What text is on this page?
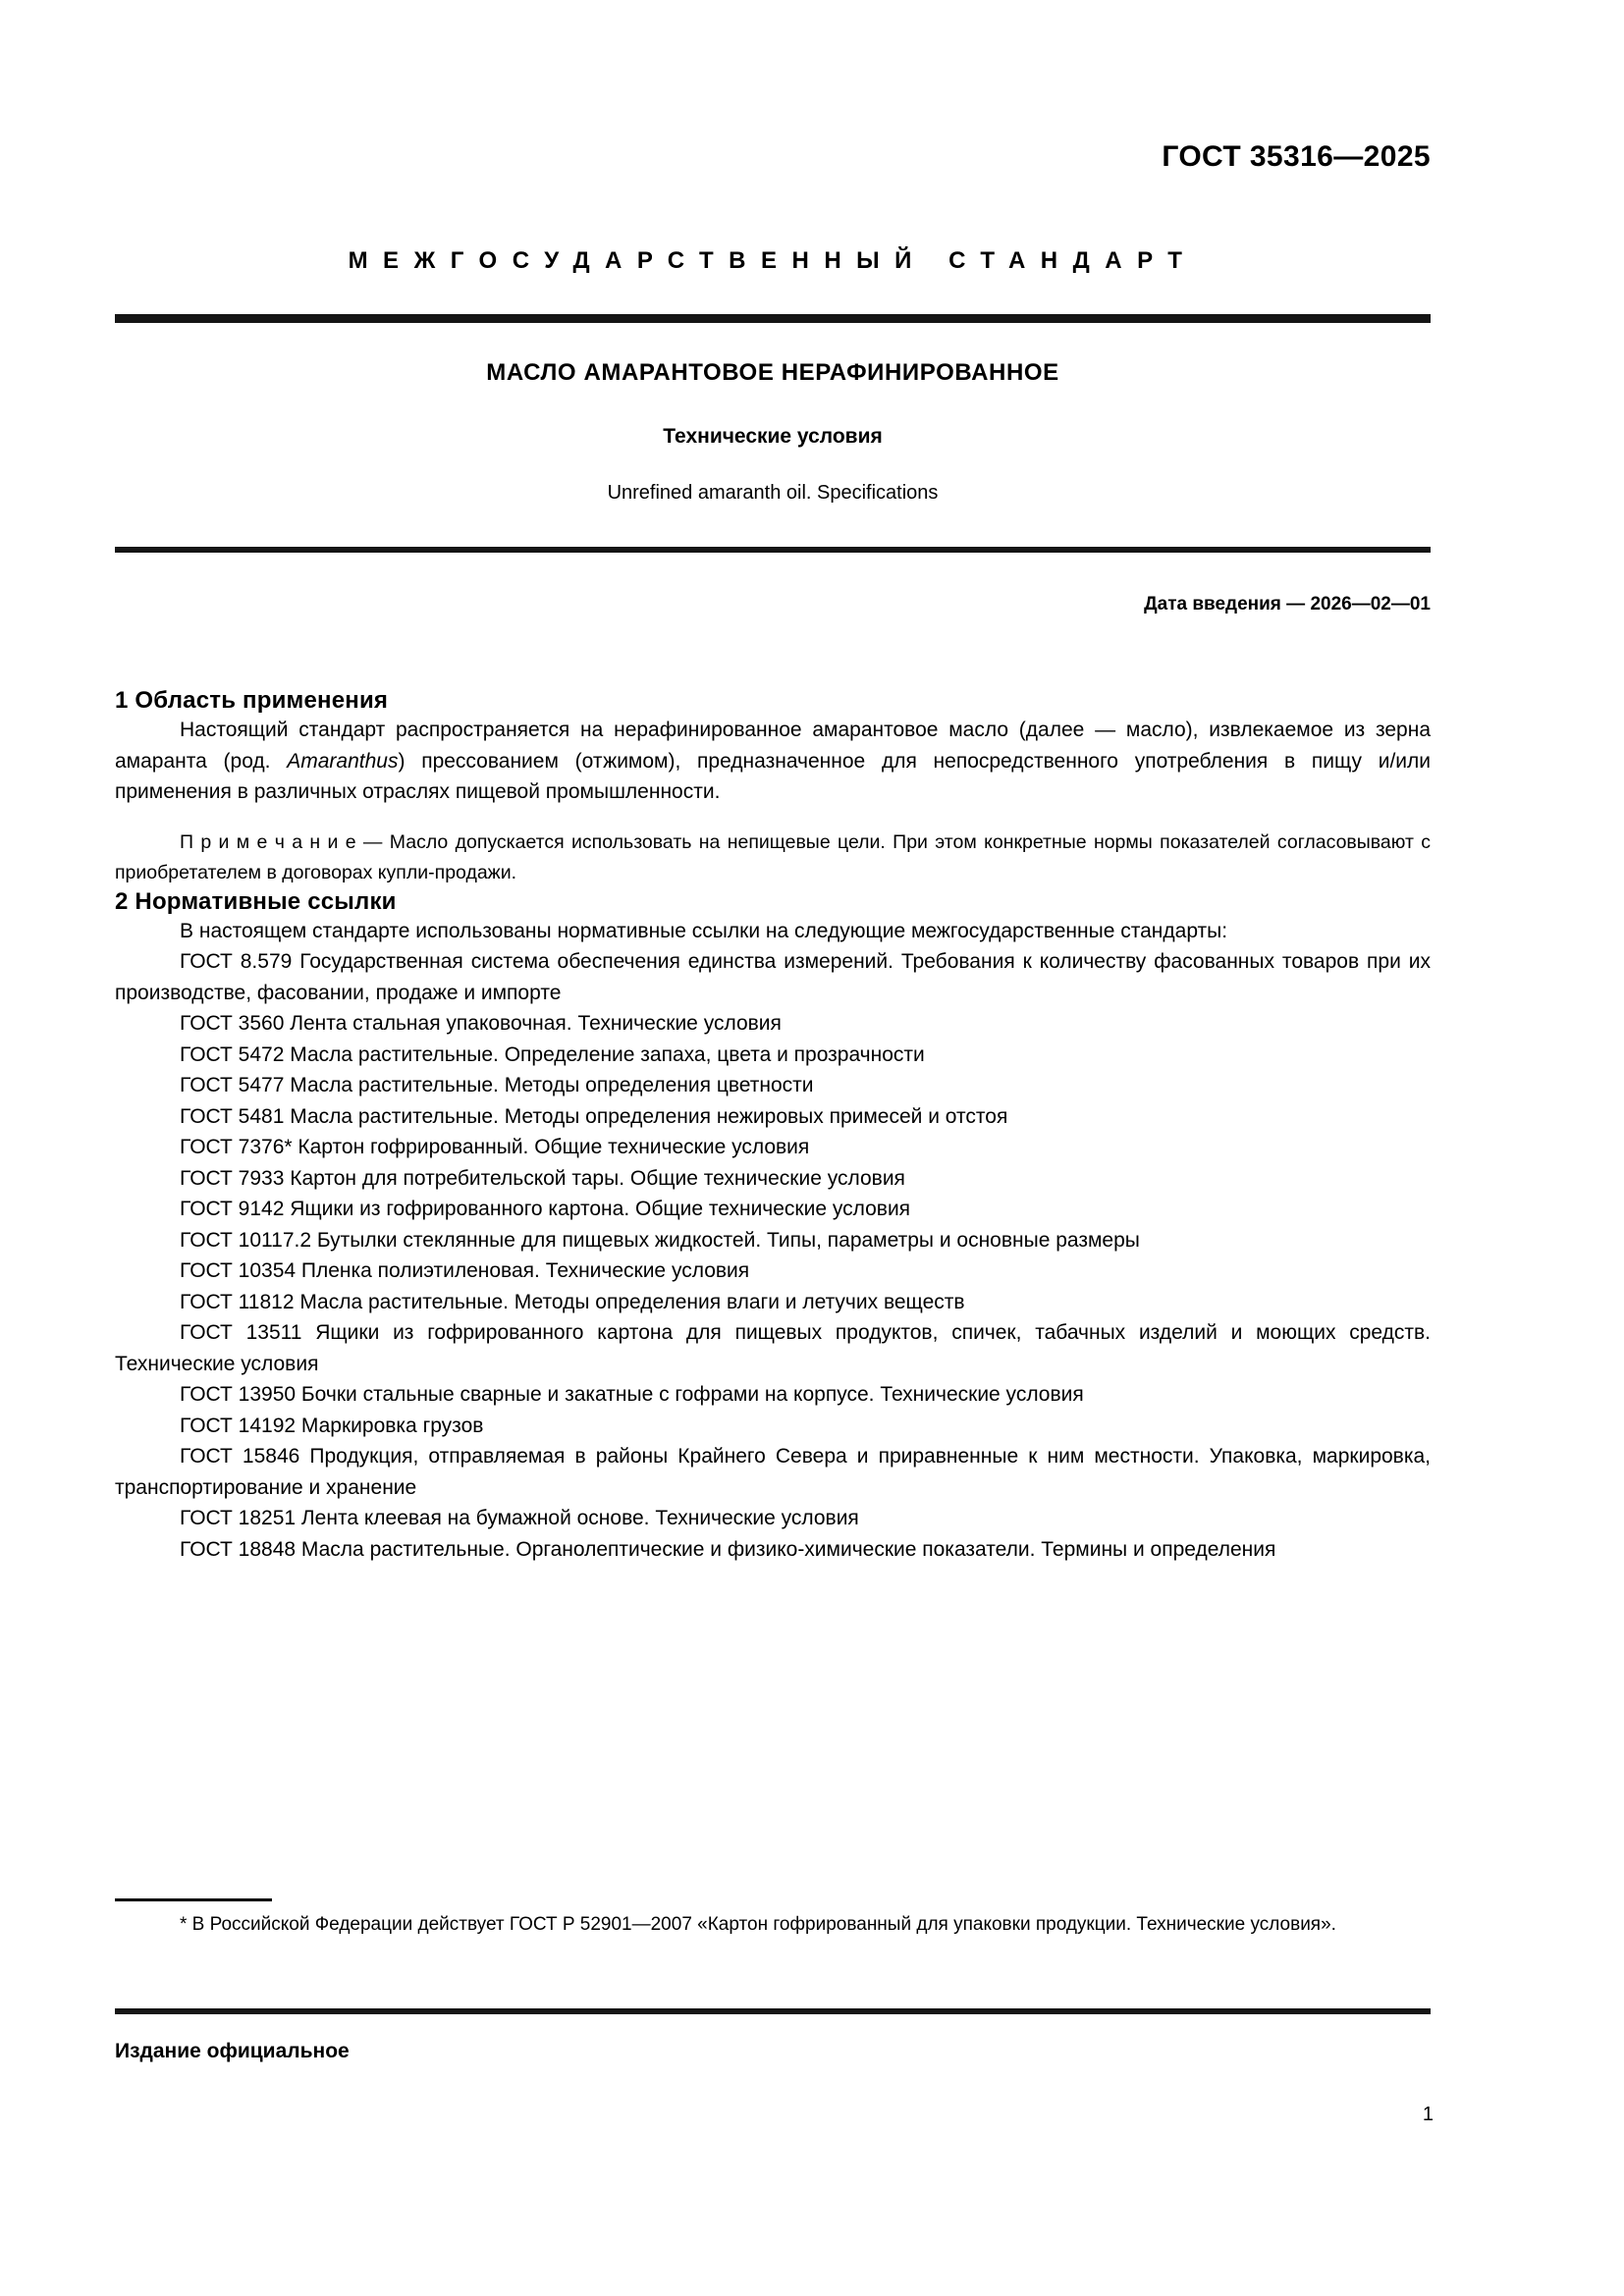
ГОСТ 35316—2025
МЕЖГОСУДАРСТВЕННЫЙ СТАНДАРТ
МАСЛО АМАРАНТОВОЕ НЕРАФИНИРОВАННОЕ
Технические условия
Unrefined amaranth oil. Specifications
Дата введения — 2026—02—01
1 Область применения

Настоящий стандарт распространяется на нерафинированное амарантовое масло (далее — масло), извлекаемое из зерна амаранта (род. Amaranthus) прессованием (отжимом), предназначенное для непосредственного употребления в пищу и/или применения в различных отраслях пищевой промышленности.

П р и м е ч а н и е — Масло допускается использовать на непищевые цели. При этом конкретные нормы показателей согласовывают с приобретателем в договорах купли-продажи.

2 Нормативные ссылки

В настоящем стандарте использованы нормативные ссылки на следующие межгосударственные стандарты:

ГОСТ 8.579 Государственная система обеспечения единства измерений. Требования к количеству фасованных товаров при их производстве, фасовании, продаже и импорте
ГОСТ 3560 Лента стальная упаковочная. Технические условия
ГОСТ 5472 Масла растительные. Определение запаха, цвета и прозрачности
ГОСТ 5477 Масла растительные. Методы определения цветности
ГОСТ 5481 Масла растительные. Методы определения нежировых примесей и отстоя
ГОСТ 7376* Картон гофрированный. Общие технические условия
ГОСТ 7933 Картон для потребительской тары. Общие технические условия
ГОСТ 9142 Ящики из гофрированного картона. Общие технические условия
ГОСТ 10117.2 Бутылки стеклянные для пищевых жидкостей. Типы, параметры и основные размеры
ГОСТ 10354 Пленка полиэтиленовая. Технические условия
ГОСТ 11812 Масла растительные. Методы определения влаги и летучих веществ
ГОСТ 13511 Ящики из гофрированного картона для пищевых продуктов, спичек, табачных изделий и моющих средств. Технические условия
ГОСТ 13950 Бочки стальные сварные и закатные с гофрами на корпусе. Технические условия
ГОСТ 14192 Маркировка грузов
ГОСТ 15846 Продукция, отправляемая в районы Крайнего Севера и приравненные к ним местности. Упаковка, маркировка, транспортирование и хранение
ГОСТ 18251 Лента клеевая на бумажной основе. Технические условия
ГОСТ 18848 Масла растительные. Органолептические и физико-химические показатели. Термины и определения
* В Российской Федерации действует ГОСТ Р 52901—2007 «Картон гофрированный для упаковки продукции. Технические условия».
Издание официальное
1
